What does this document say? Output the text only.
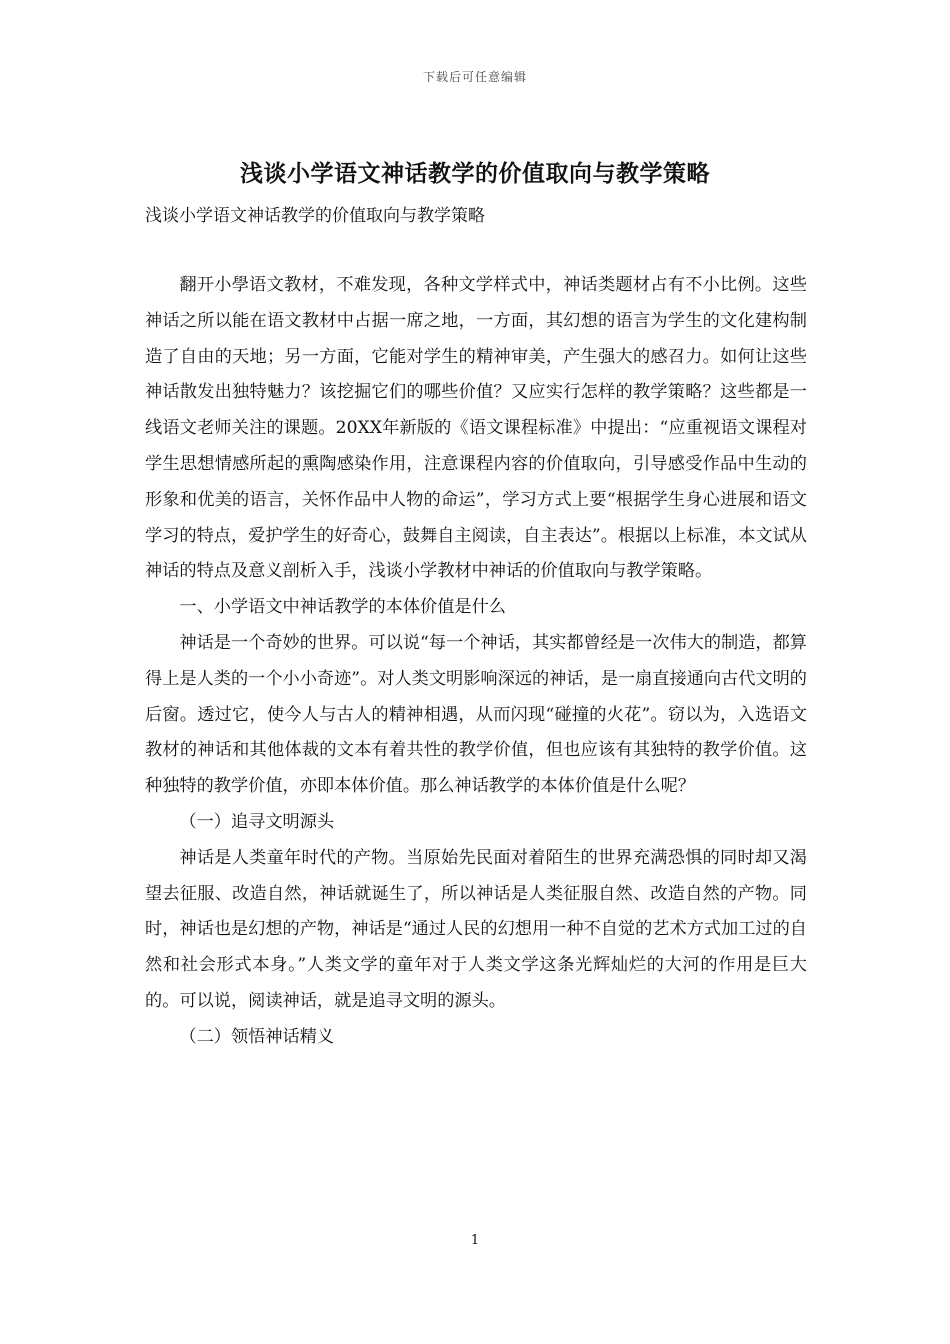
下载后可任意编辑
浅谈小学语文神话教学的价值取向与教学策略
浅谈小学语文神话教学的价值取向与教学策略

翻开小學语文教材，不难发现，各种文学样式中，神话类题材占有不小比例。这些神话之所以能在语文教材中占据一席之地，一方面，其幻想的语言为学生的文化建构制造了自由的天地；另一方面，它能对学生的精神审美，产生强大的感召力。如何让这些神话散发出独特魅力？该挖掘它们的哪些价值？又应实行怎样的教学策略？这些都是一线语文老师关注的课题。20XX年新版的《语文课程标准》中提出：“应重视语文课程对学生思想情感所起的熏陶感染作用，注意课程内容的价值取向，引导感受作品中生动的形象和优美的语言，关怀作品中人物的命运”，学习方式上要“根据学生身心进展和语文学习的特点，爱护学生的好奇心，鼓舞自主阅读，自主表达”。根据以上标准，本文试从神话的特点及意义剖析入手，浅谈小学教材中神话的价值取向与教学策略。

一、小学语文中神话教学的本体价值是什么

神话是一个奇妙的世界。可以说“每一个神话，其实都曾经是一次伟大的制造，都算得上是人类的一个小小奇迹”。对人类文明影响深远的神话，是一扇直接通向古代文明的后窗。透过它，使今人与古人的精神相遇，从而闪现“碰撞的火花”。窃以为，入选语文教材的神话和其他体裁的文本有着共性的教学价值，但也应该有其独特的教学价值。这种独特的教学价值，亦即本体价值。那么神话教学的本体价值是什么呢？

（一）追寻文明源头

神话是人类童年时代的产物。当原始先民面对着陌生的世界充满恐惧的同时却又渴望去征服、改造自然，神话就诞生了，所以神话是人类征服自然、改造自然的产物。同时，神话也是幻想的产物，神话是“通过人民的幻想用一种不自觉的艺术方式加工过的自然和社会形式本身。”人类文学的童年对于人类文学这条光辉灿烂的大河的作用是巨大的。可以说，阅读神话，就是追寻文明的源头。

（二）领悟神话精义

1
